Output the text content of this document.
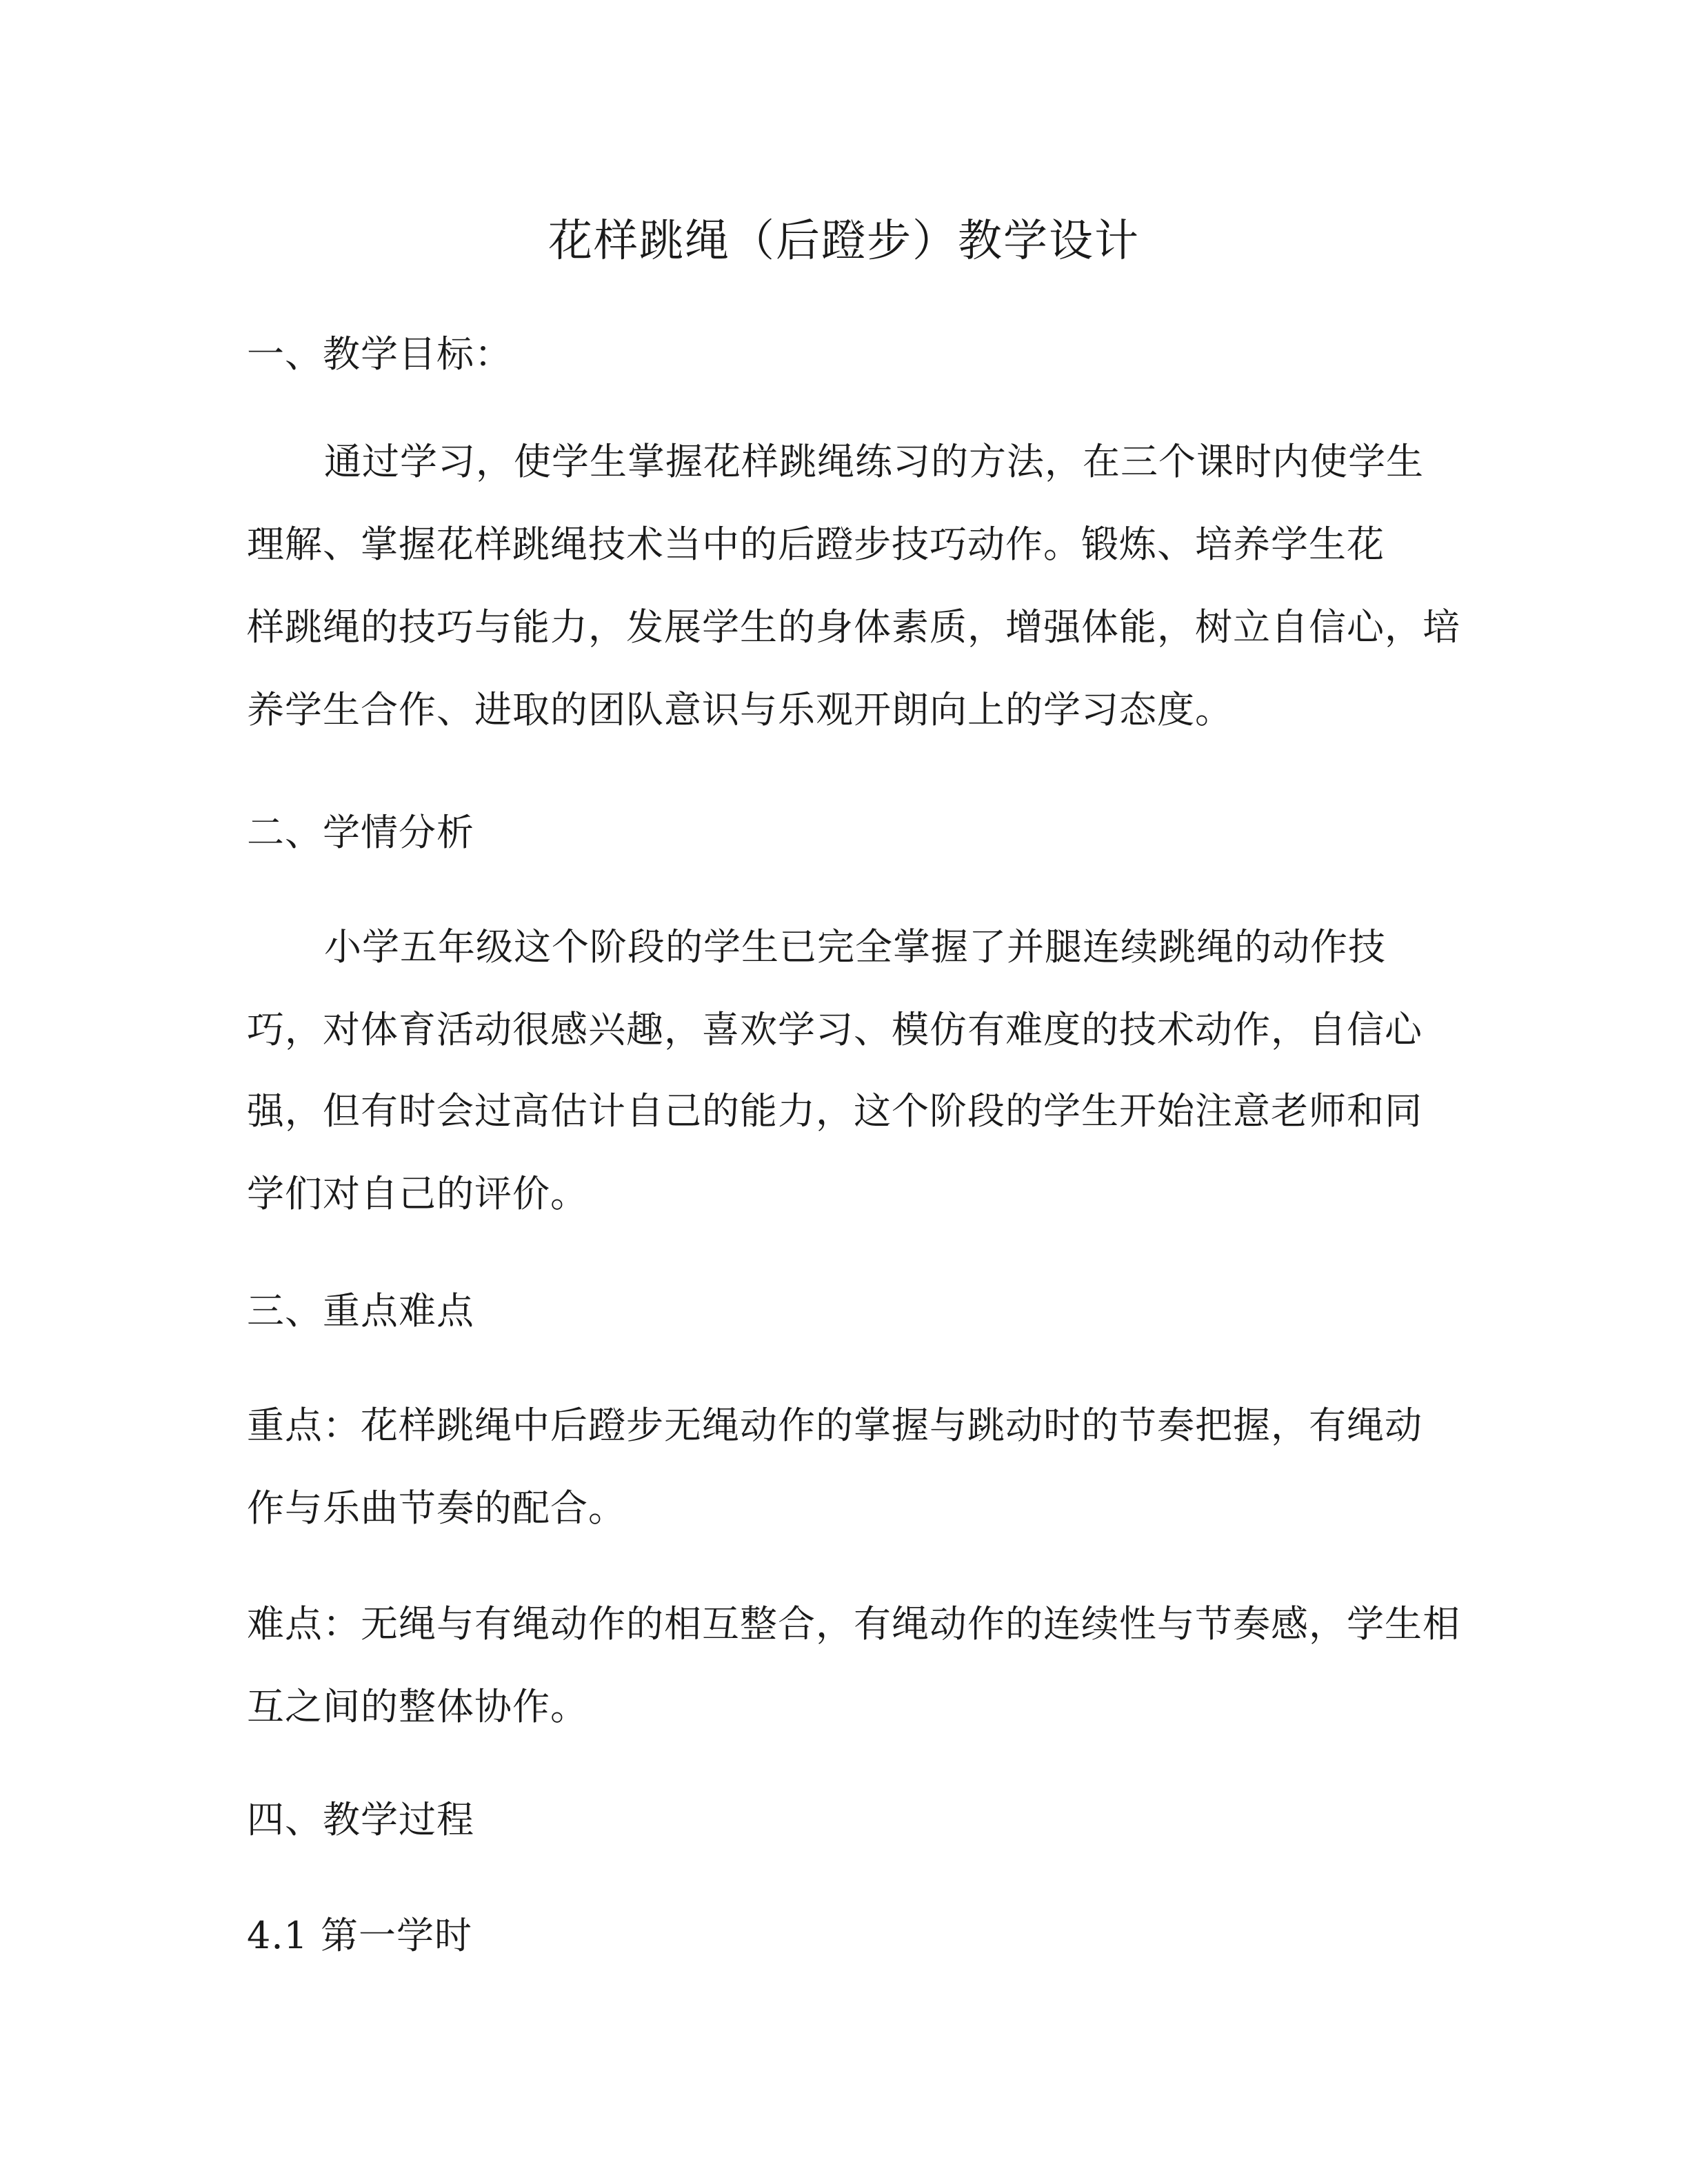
花样跳绳（后蹬步）教学设计
一、教学目标：
通过学习，使学生掌握花样跳绳练习的方法，在三个课时内使学生
理解、掌握花样跳绳技术当中的后蹬步技巧动作。锻炼、培养学生花
样跳绳的技巧与能力，发展学生的身体素质，增强体能，树立自信心，培
养学生合作、进取的团队意识与乐观开朗向上的学习态度。
二、学情分析
小学五年级这个阶段的学生已完全掌握了并腿连续跳绳的动作技
巧，对体育活动很感兴趣，喜欢学习、模仿有难度的技术动作，自信心
强，但有时会过高估计自己的能力，这个阶段的学生开始注意老师和同
学们对自己的评价。
三、重点难点
重点：花样跳绳中后蹬步无绳动作的掌握与跳动时的节奏把握，有绳动
作与乐曲节奏的配合。
难点：无绳与有绳动作的相互整合，有绳动作的连续性与节奏感，学生相
互之间的整体协作。
四、教学过程
4.1 第一学时
